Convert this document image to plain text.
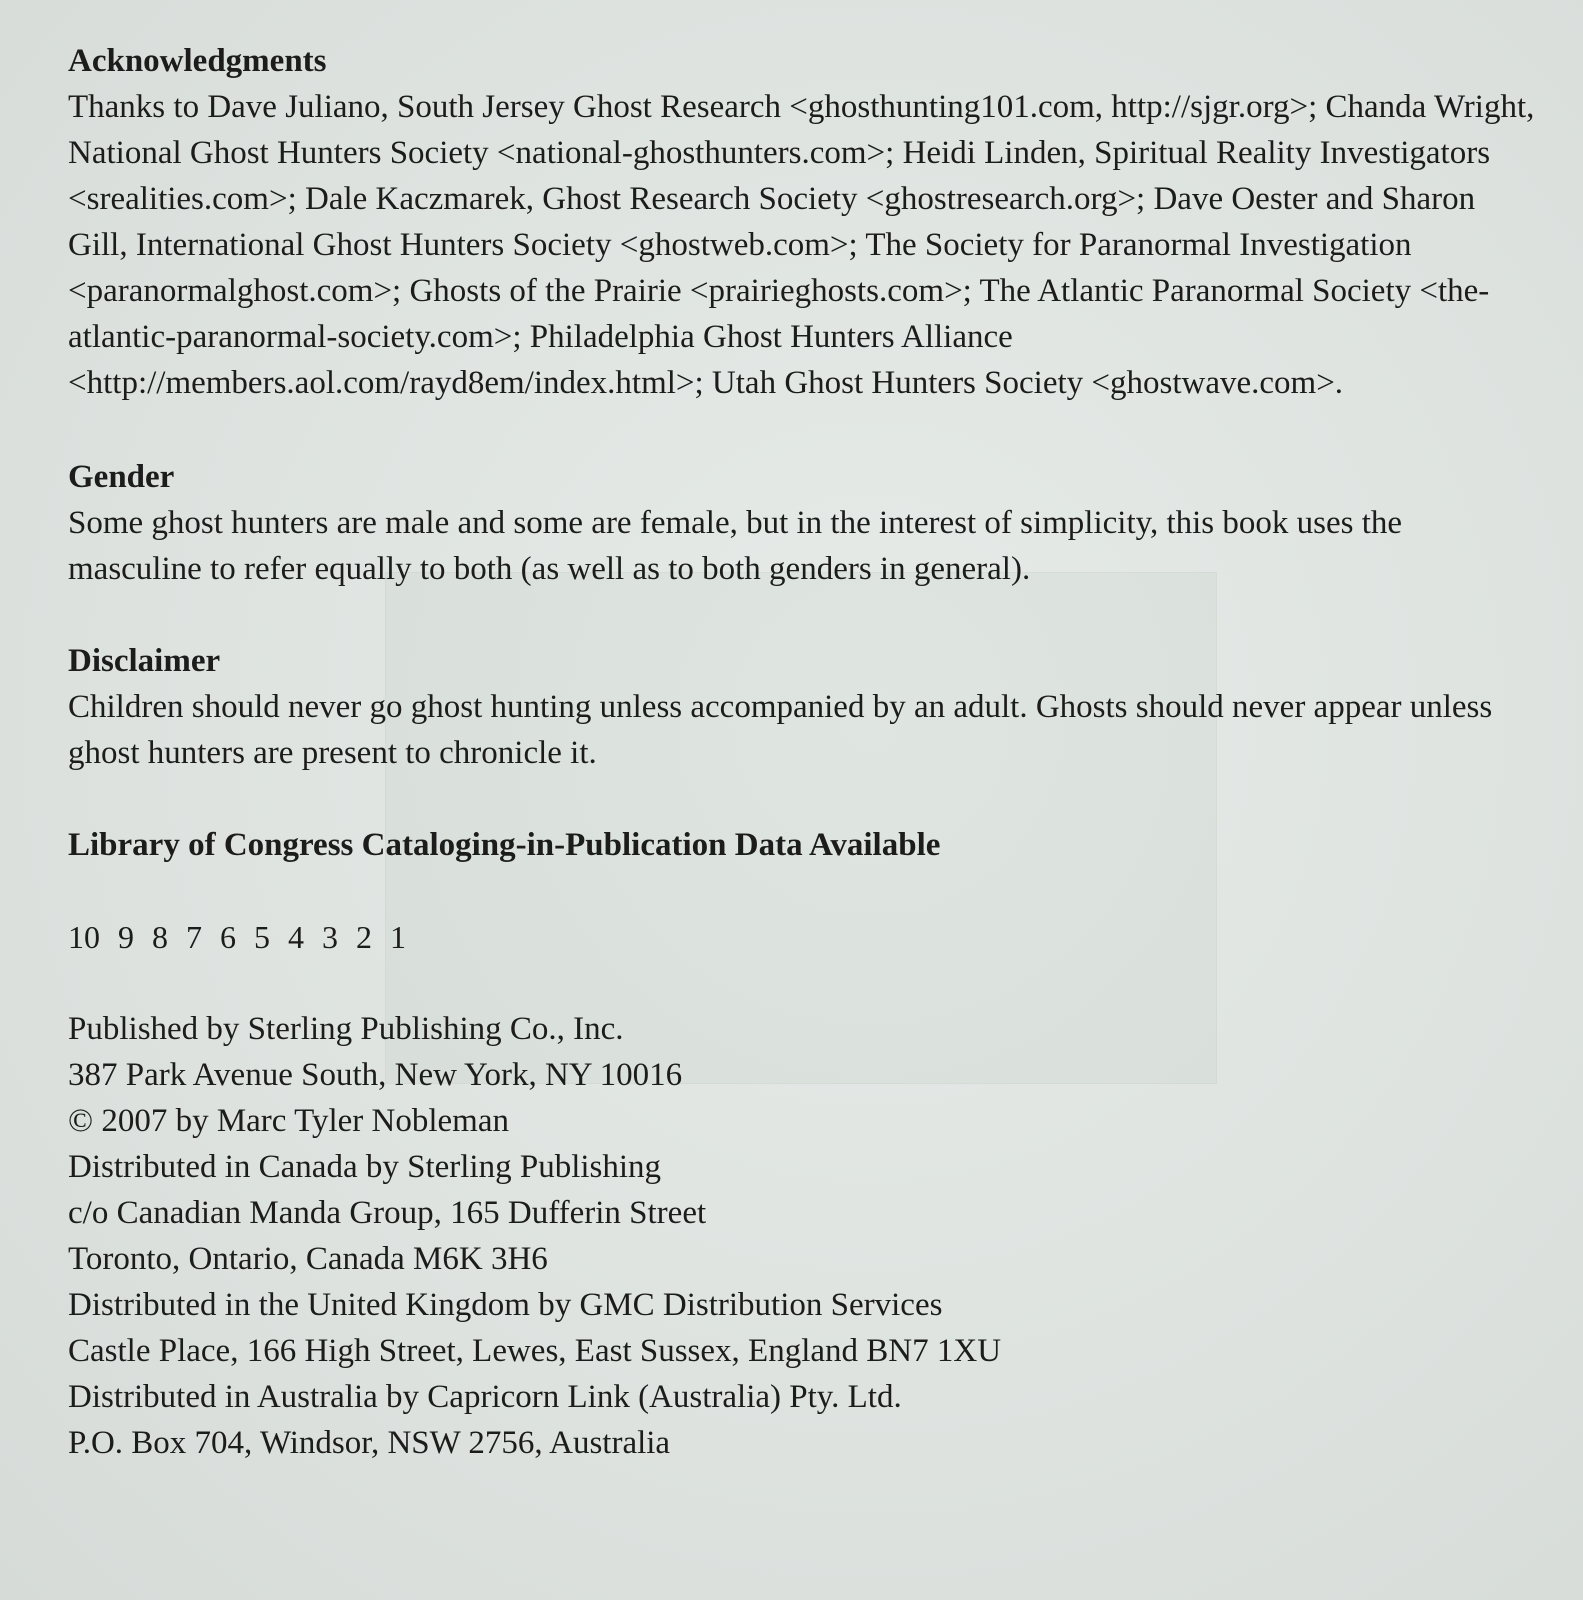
Acknowledgments

Thanks to Dave Juliano, South Jersey Ghost Research <ghosthunting101.com, http://sjgr.org>; Chanda Wright, National Ghost Hunters Society <national-ghosthunters.com>; Heidi Linden, Spiritual Reality Investigators <srealities.com>; Dale Kaczmarek, Ghost Research Society <ghostresearch.org>; Dave Oester and Sharon Gill, International Ghost Hunters Society <ghostweb.com>; The Society for Paranormal Investigation <paranormalghost.com>; Ghosts of the Prairie <prairieghosts.com>; The Atlantic Paranormal Society <the-atlantic-paranormal-society.com>; Philadelphia Ghost Hunters Alliance <http://members.aol.com/rayd8em/index.html>; Utah Ghost Hunters Society <ghostwave.com>.

Gender

Some ghost hunters are male and some are female, but in the interest of simplicity, this book uses the masculine to refer equally to both (as well as to both genders in general).

Disclaimer

Children should never go ghost hunting unless accompanied by an adult. Ghosts should never appear unless ghost hunters are present to chronicle it.

Library of Congress Cataloging-in-Publication Data Available

10 9 8 7 6 5 4 3 2 1

Published by Sterling Publishing Co., Inc.
387 Park Avenue South, New York, NY 10016
© 2007 by Marc Tyler Nobleman
Distributed in Canada by Sterling Publishing
c/o Canadian Manda Group, 165 Dufferin Street
Toronto, Ontario, Canada M6K 3H6
Distributed in the United Kingdom by GMC Distribution Services
Castle Place, 166 High Street, Lewes, East Sussex, England BN7 1XU
Distributed in Australia by Capricorn Link (Australia) Pty. Ltd.
P.O. Box 704, Windsor, NSW 2756, Australia
